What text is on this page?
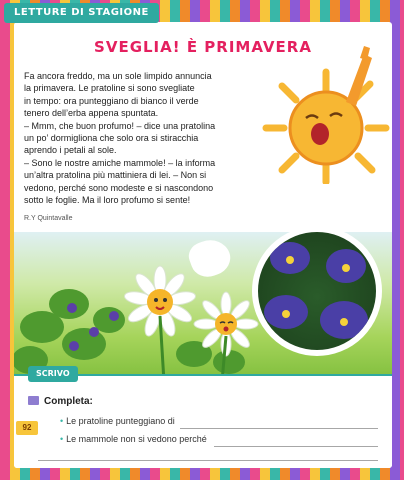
LETTURE DI STAGIONE
SVEGLIA! È PRIMAVERA

Fa ancora freddo, ma un sole limpido annuncia

la primavera. Le pratoline si sono svegliate

in tempo: ora punteggiano di bianco il verde

tenero dell’erba appena spuntata.

– Mmm, che buon profumo! – dice una pratolina

un po’ dormigliona che solo ora si stiracchia

aprendo i petali al sole.

– Sono le nostre amiche mammole! – la informa

un’altra pratolina più mattiniera di lei. – Non si

vedono, perché sono modeste e si nascondono

sotto le foglie. Ma il loro profumo si sente!

R.Y Quintavalle
SCRIVO
Completa:
• Le pratoline punteggiano di
• Le mammole non si vedono perché
92
